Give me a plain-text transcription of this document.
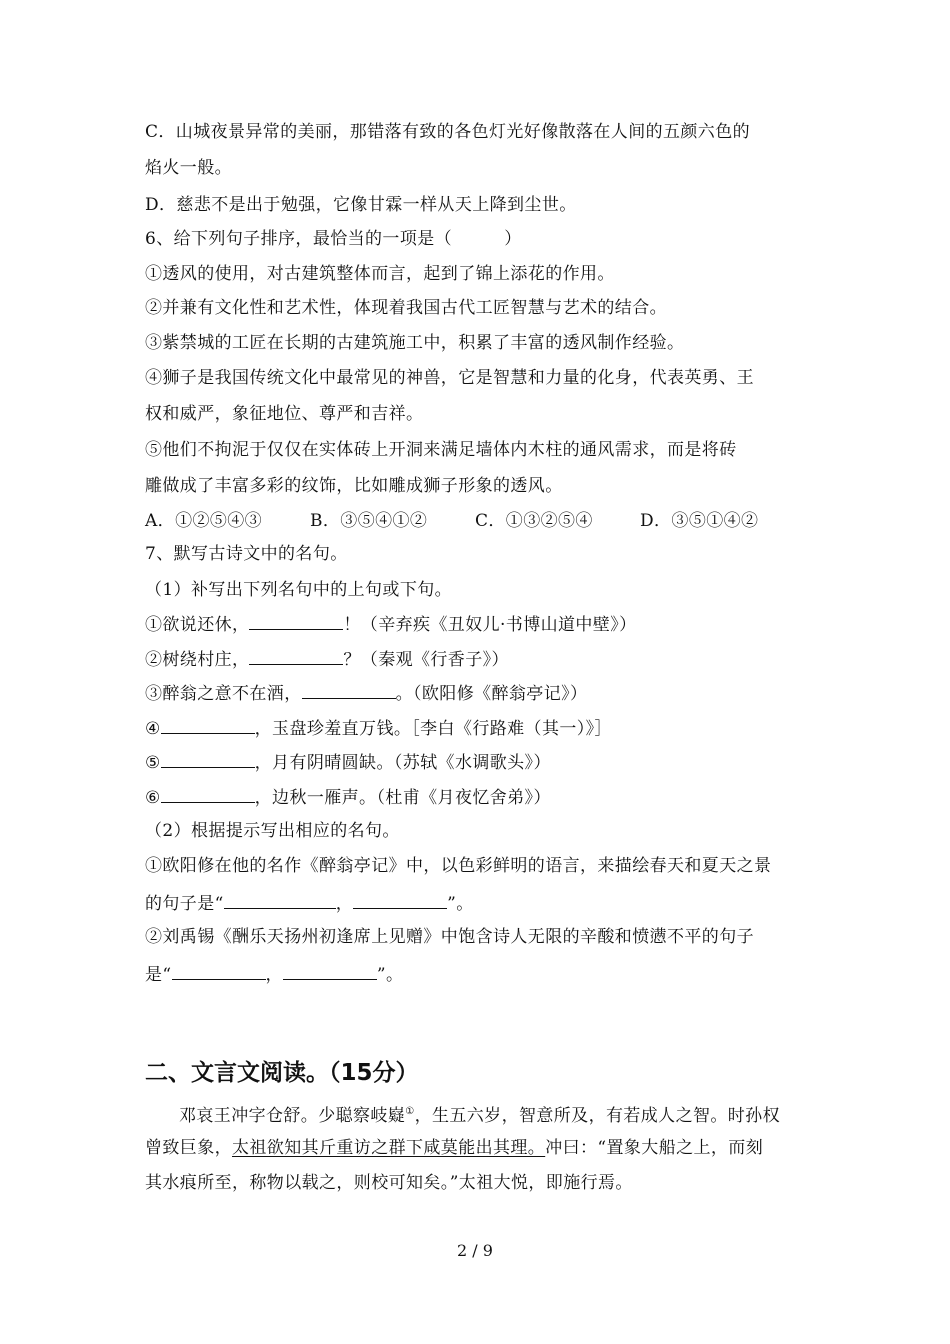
C．山城夜景异常的美丽，那错落有致的各色灯光好像散落在人间的五颜六色的
焰火一般。
D．慈悲不是出于勉强，它像甘霖一样从天上降到尘世。
6、给下列句子排序，最恰当的一项是（　　　）
①透风的使用，对古建筑整体而言，起到了锦上添花的作用。
②并兼有文化性和艺术性，体现着我国古代工匠智慧与艺术的结合。
③紫禁城的工匠在长期的古建筑施工中，积累了丰富的透风制作经验。
④狮子是我国传统文化中最常见的神兽，它是智慧和力量的化身，代表英勇、王
权和威严，象征地位、尊严和吉祥。
⑤他们不拘泥于仅仅在实体砖上开洞来满足墙体内木柱的通风需求，而是将砖
雕做成了丰富多彩的纹饰，比如雕成狮子形象的透风。
A．①②⑤④③	B．③⑤④①②	C．①③②⑤④	D．③⑤①④②
7、默写古诗文中的名句。
（1）补写出下列名句中的上句或下句。
①欲说还休，	！（辛弃疾《丑奴儿·书博山道中壁》）
②树绕村庄，	？（秦观《行香子》）
③醉翁之意不在酒，	。（欧阳修《醉翁亭记》）
④	，玉盘珍羞直万钱。［李白《行路难（其一）》］
⑤	，月有阴晴圆缺。（苏轼《水调歌头》）
⑥	，边秋一雁声。（杜甫《月夜忆舍弟》）
（2）根据提示写出相应的名句。
①欧阳修在他的名作《醉翁亭记》中，以色彩鲜明的语言，来描绘春天和夏天之景
的句子是“	，	”。
②刘禹锡《酬乐天扬州初逢席上见赠》中饱含诗人无限的辛酸和愤懑不平的句子
是“	，	”。
二、文言文阅读。（15分）
邓哀王冲字仓舒。少聪察岐嶷①，生五六岁，智意所及，有若成人之智。时孙权
曾致巨象，太祖欲知其斤重访之群下咸莫能出其理。冲曰：“置象大船之上，而刻
其水痕所至，称物以载之，则校可知矣。”太祖大悦，即施行焉。
2 / 9
